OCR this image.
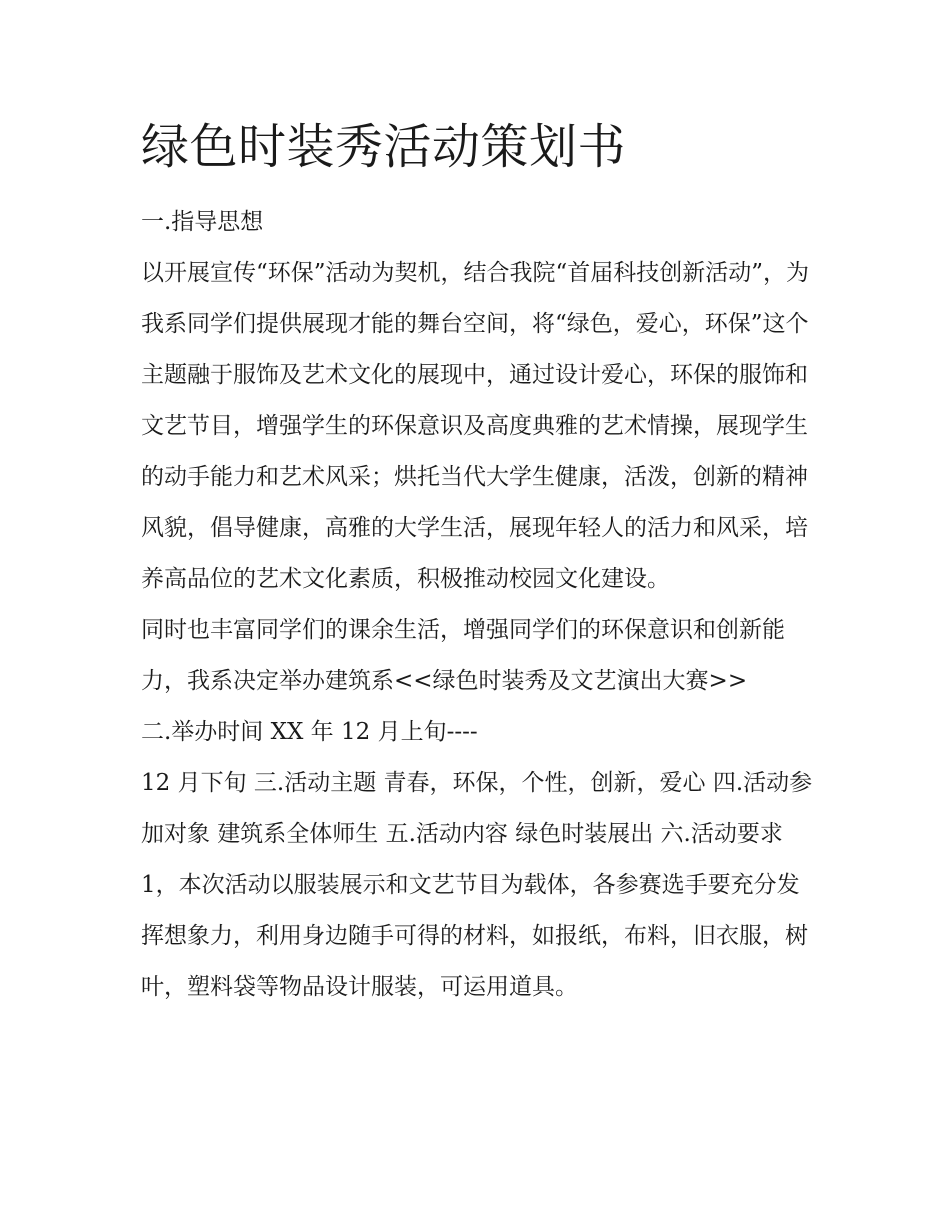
绿色时装秀活动策划书

一.指导思想

以开展宣传“环保”活动为契机，结合我院“首届科技创新活动”，为我系同学们提供展现才能的舞台空间，将“绿色，爱心，环保”这个主题融于服饰及艺术文化的展现中，通过设计爱心，环保的服饰和文艺节目，增强学生的环保意识及高度典雅的艺术情操，展现学生的动手能力和艺术风采；烘托当代大学生健康，活泼，创新的精神风貌，倡导健康，高雅的大学生活，展现年轻人的活力和风采，培养高品位的艺术文化素质，积极推动校园文化建设。

同时也丰富同学们的课余生活，增强同学们的环保意识和创新能力，我系决定举办建筑系<<绿色时装秀及文艺演出大赛>>

二.举办时间 XX 年 12 月上旬----

12 月下旬 三.活动主题 青春，环保，个性，创新，爱心 四.活动参加对象 建筑系全体师生 五.活动内容 绿色时装展出 六.活动要求

1，本次活动以服装展示和文艺节目为载体，各参赛选手要充分发挥想象力，利用身边随手可得的材料，如报纸，布料，旧衣服，树叶，塑料袋等物品设计服装，可运用道具。
